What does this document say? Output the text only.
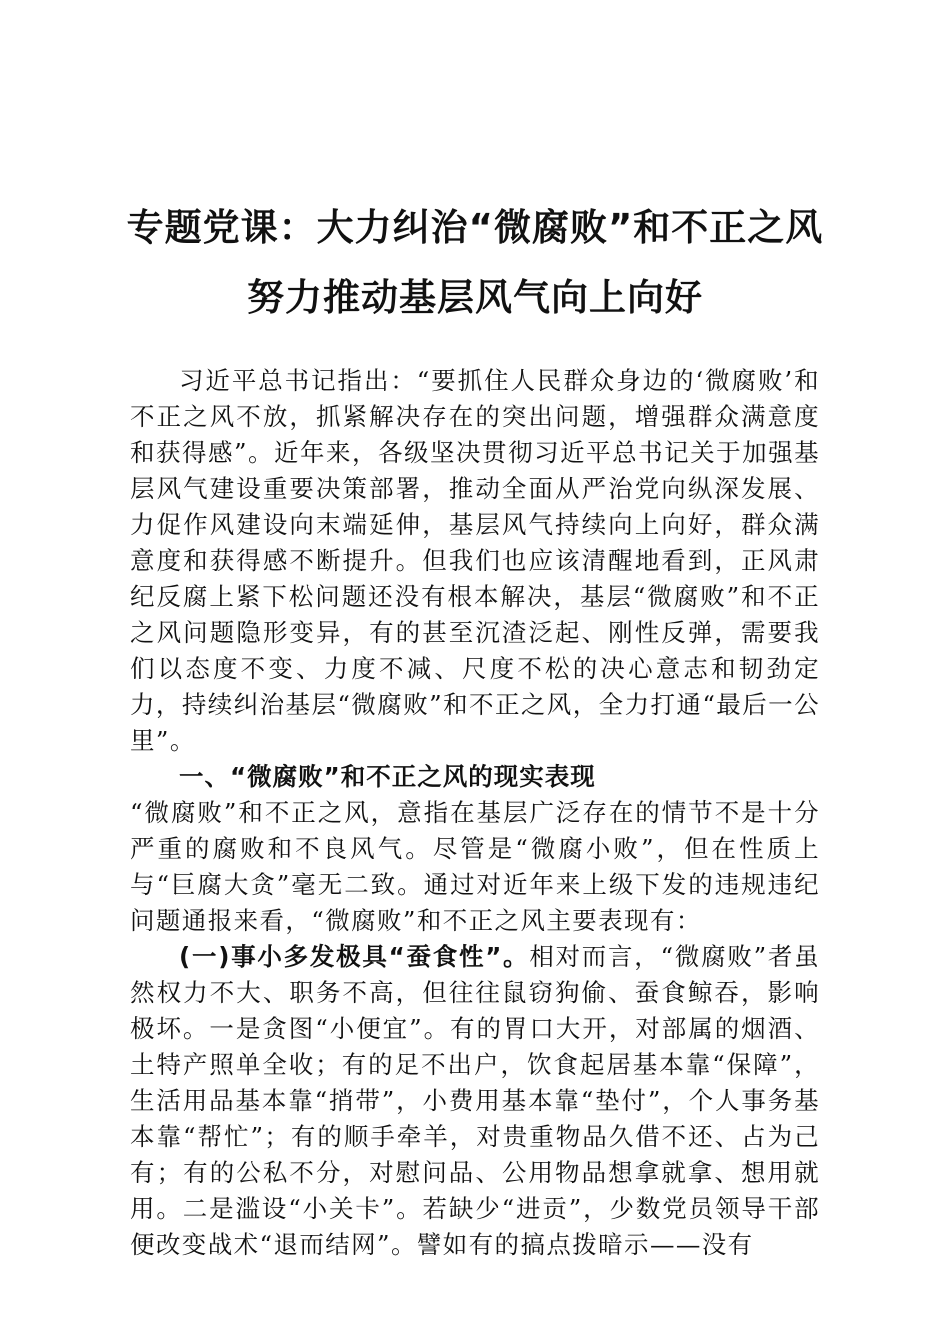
专题党课：大力纠治“微腐败”和不正之风
努力推动基层风气向上向好

习近平总书记指出：“要抓住人民群众身边的‘微腐败’和不正之风不放，抓紧解决存在的突出问题，增强群众满意度和获得感”。近年来，各级坚决贯彻习近平总书记关于加强基层风气建设重要决策部署，推动全面从严治党向纵深发展、力促作风建设向末端延伸，基层风气持续向上向好，群众满意度和获得感不断提升。但我们也应该清醒地看到，正风肃纪反腐上紧下松问题还没有根本解决，基层“微腐败”和不正之风问题隐形变异，有的甚至沉渣泛起、刚性反弹，需要我们以态度不变、力度不减、尺度不松的决心意志和韧劲定力，持续纠治基层“微腐败”和不正之风，全力打通“最后一公里”。

一、“微腐败”和不正之风的现实表现

“微腐败”和不正之风，意指在基层广泛存在的情节不是十分严重的腐败和不良风气。尽管是“微腐小败”，但在性质上与“巨腐大贪”毫无二致。通过对近年来上级下发的违规违纪问题通报来看，“微腐败”和不正之风主要表现有：

(一)事小多发极具“蚕食性”。相对而言，“微腐败”者虽然权力不大、职务不高，但往往鼠窃狗偷、蚕食鲸吞，影响极坏。一是贪图“小便宜”。有的胃口大开，对部属的烟酒、土特产照单全收；有的足不出户，饮食起居基本靠“保障”，生活用品基本靠“捎带”，小费用基本靠“垫付”，个人事务基本靠“帮忙”；有的顺手牵羊，对贵重物品久借不还、占为己有；有的公私不分，对慰问品、公用物品想拿就拿、想用就用。二是滥设“小关卡”。若缺少“进贡”，少数党员领导干部便改变战术“退而结网”。譬如有的搞点拨暗示——没有
